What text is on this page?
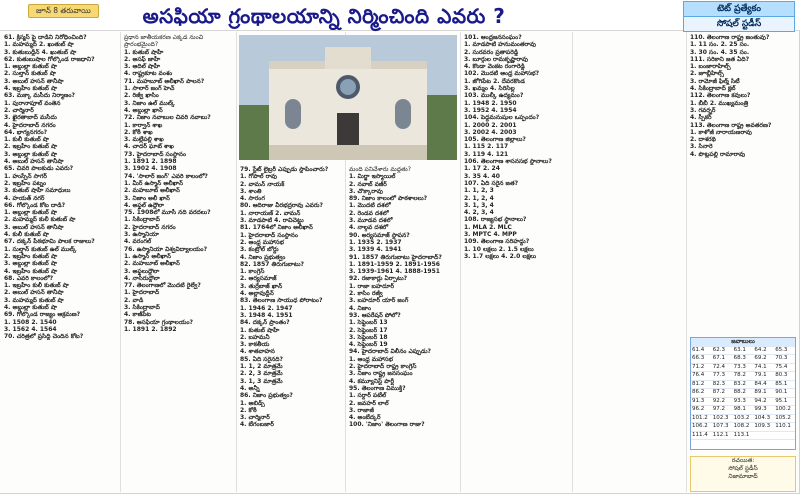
జూన్ 8 తరువాయి	అసఫియా గ్రంథాలయాన్ని నిర్మించింది ఎవరు ?	టెట్ ప్రత్యేకం
సోషల్ స్టడీస్
61. క్రిస్మస్ పై దాడిని నిరోధించింది?
1. మహమ్మద్ 2. ఖుతుబ్ షా
3. కుతుబుద్దీన్ 4. ఖుతుబ్ షా
62. కుతుబుషాల గోల్కొండ రాజధాని?
1. అబ్దుల్లా కుతుబ్ షా
2. సుల్తాన్ కుతుబ్ షా
3. అబుల్ హసన్ తానీషా
4. ఇబ్రహీం కుతుబ్ షా
63. మక్కా మసీదు నిర్మాణం?
1. పురానాపూల్ వంతెన
2. చార్మినార్
3. ఖైరతాబాద్ మసీదు
4. హైదరాబాద్ నగరం
64. భాగ్యనగరం?
1. కులీ కుతుబ్ షా
2. ఇబ్రహీం కుతుబ్ షా
3. అబ్దుల్లా కుతుబ్ షా
4. అబుల్ హసన్ తానీషా
65. చివరి పాలకుడు ఎవరు?
1. హుస్సేన్ సాగర్
2. ఇబ్రహీం పట్నం
3. కుతుబ్ షాహీ సమాధులు
4. హయత్ నగర్
66. గోల్కొండ కోట దాడి?
1. అబ్దుల్లా కుతుబ్ షా
2. మహమ్మద్ కులీ కుతుబ్ షా
3. అబుల్ హసన్ తానీషా
4. కులీ కుతుబ్ షా
67. దక్కన్ పీఠభూమి పాలక రాజులు?
1. సుల్తాన్ కుతుబ్ ఉల్ ముల్క్
2. ఇబ్రహీం కుతుబ్ షా
3. అబ్దుల్లా కుతుబ్ షా
4. ఇబ్రహీం కుతుబ్ షా
68. ఎవరి కాలంలో?
1. ఇబ్రహీం కులీ కుతుబ్ షా
2. అబుల్ హసన్ తానీషా
3. మహమ్మద్ కుతుబ్ షా
4. అబ్దుల్లా కుతుబ్ షా
69. గోల్కొండ రాజ్యం ఆక్రమణ?
1. 1508 2. 1540
3. 1562 4. 1564
70. చరిత్రలో ప్రసిద్ధి చెందిన కోట?
ప్రధాన జాతీయకరణ ఎక్కడ నుంచి
ప్రారంభమైంది?
1. కుతుబ్ షాహీ
2. అసఫ్ జాహీ
3. ఆదిల్ షాహీ
4. రాష్ట్రకూట వంశం
71. మహబూబ్ అలీఖాన్ పాలన?
1. సాలార్ జంగ్ హెచ్
2. రిజ్వీ ఖాసిం
3. నిజాం ఉల్ ముల్క్
4. అబ్దుల్లా ఖాన్
72. నిజాం నవాబుల చివరి నవాబు?
1. కార్వాన్ శాఖ
2. కోఠీ శాఖ
3. మల్లేపల్లి శాఖ
4. చాదర్ ఘాట్ శాఖ
73. హైదరాబాద్ సంస్థానం
1. 1891 2. 1898
3. 1902 4. 1908
74. 'సాలార్ జంగ్' ఎవరి కాలంలో?
1. మీర్ ఉస్మాన్ అలీఖాన్
2. మహబూబ్ అలీఖాన్
3. నిజాం అలీ ఖాన్
4. అఫ్జల్ ఉద్దౌలా
75. 1908లో మూసీ నది వరదలు?
1. సికింద్రాబాద్
2. హైదరాబాద్ నగరం
3. ఉస్మానియా
4. వరంగల్
76. ఉస్మానియా విశ్వవిద్యాలయం?
1. ఉస్మాన్ అలీఖాన్
2. మహబూబ్ అలీఖాన్
3. అఫ్జలుద్దౌలా
4. నాసిరుద్దౌలా
77. తెలంగాణలో మొదటి రైల్వే?
1. హైదరాబాద్
2. వాడి
3. సికింద్రాబాద్
4. కాజీపేట
78. అసఫియా గ్రంథాలయం?
1. 1891 2. 1892
79. స్టేట్ లైబ్రరీ ఎప్పుడు స్థాపించారు?
1. గోపాల్ రావు
2. వామన్ నాయక్
3. శాంతి
4. సారంగ
80. ఆదిరాజు వీరభద్రరావు ఎవరు?
1. నారాయణ్ 2. వామన్
3. మాడపాటి 4. రావిచెట్టు
81. 1764లో నిజాం అలీఖాన్
1. హైదరాబాద్ సంస్థానం
2. ఆంధ్ర మహాసభ
3. కంట్రోల్ బోర్డు
4. నిజాం ప్రభుత్వం
82. 1857 తిరుగుబాటు?
1. కాంగ్రెస్
2. ఆర్యసమాజ్
3. తుర్రేబాజ్ ఖాన్
4. అల్లావుద్దీన్
83. తెలంగాణ సాయుధ పోరాటం?
1. 1946 2. 1947
3. 1948 4. 1951
84. దక్కన్ ప్రాంతం?
1. కుతుబ్ షాహీ
2. బహమనీ
3. కాకతీయ
4. శాతవాహన
85. ఏది సరైనది?
1. 1, 2 మాత్రమే
2. 2, 3 మాత్రమే
3. 1, 3 మాత్రమే
4. అన్నీ
86. నిజాం ప్రభుత్వం?
1. అబిడ్స్
2. కోఠీ
3. చార్మినార్
4. బేగంబజార్
మంది పనిచేశారు మద్దతు?
1. మిర్జా ఇస్మాయిల్
2. నవాబ్ వజీర్
3. చొక్కారావు
89. నిజాం కాలంలో పాఠశాలలు?
1. మొదటి దశలో
2. రెండవ దశలో
3. మూడవ దశలో
4. నాల్గవ దశలో
90. అర్యసమాజ్ స్థాపన?
1. 1935 2. 1937
3. 1939 4. 1941
91. 1857 తిరుగుబాటు హైదరాబాద్?
1. 1891-1959 2. 1891-1956
3. 1939-1961 4. 1888-1951
92. రజాకార్లు ఏర్పాటు?
1. రాజా బహదూర్
2. కాసిం రజ్వీ
3. బహదూర్ యార్ జంగ్
4. నిజాం
93. ఆపరేషన్ పోలో?
1. సెప్టెంబర్ 13
2. సెప్టెంబర్ 17
3. సెప్టెంబర్ 18
4. సెప్టెంబర్ 19
94. హైదరాబాద్ విలీనం ఎప్పుడు?
1. ఆంధ్ర మహాసభ
2. హైదరాబాద్ రాష్ట్ర కాంగ్రెస్
3. నిజాం రాష్ట్ర జనసంఘం
4. కమ్యూనిస్ట్ పార్టీ
95. తెలంగాణ విముక్తి?
1. సర్దార్ పటేల్
2. జవహర్ లాల్
3. రాజాజీ
4. అంబేద్కర్
100. 'నిజాం' తెలంగాణ రాజు?
101. ఆంధ్రజనసంఘం?
1. మాడపాటి హనుమంతరావు
2. సురవరం ప్రతాపరెడ్డి
3. బూర్గుల రామకృష్ణారావు
4. కొండా వెంకట రంగారెడ్డి
102. మొదటి ఆంధ్ర మహాసభ?
1. జోగిపేట 2. దేవరకొండ
3. ఖమ్మం 4. సిరిసిల్ల
103. ముల్కీ ఉద్యమం?
1. 1948 2. 1950
3. 1952 4. 1954
104. పెద్దమనుషుల ఒప్పందం?
1. 2000 2. 2001
3. 2002 4. 2003
105. తెలంగాణ జిల్లాలు?
1. 115 2. 117
3. 119 4. 121
106. తెలంగాణ శాసనసభ స్థానాలు?
1. 17 2. 24
3. 35 4. 40
107. ఏది సరైన జత?
1. 1, 2, 3
2. 1, 2, 4
3. 1, 3, 4
4. 2, 3, 4
108. రాజ్యసభ స్థానాలు?
1. MLA 2. MLC
3. MPTC 4. MPP
109. తెలంగాణ సరిహద్దు?
1. 10 లక్షలు 2. 1.5 లక్షలు
3. 1.7 లక్షలు 4. 2.0 లక్షలు
110. తెలంగాణ రాష్ట్ర జంతువు?
1. 11 సం. 2. 25 సం.
3. 30 సం. 4. 35 సం.
111. సరికాని జత ఏది?
1. బంజారాహిల్స్
2. జూబ్లీహిల్స్
3. రామోజీ ఫిల్మ్ సిటీ
4. సికింద్రాబాద్ క్లబ్
112. తెలంగాణ కవులు?
1. బీబీ 2. ముఖ్యమంత్రి
3. గవర్నర్
4. స్పీకర్
113. తెలంగాణ రాష్ట్ర అవతరణ?
1. కాళోజీ నారాయణరావు
2. దాశరథి
3. సినారె
4. పొట్లపల్లి రామారావు
జవాబులు
61.4	62.3	63.1	64.2	65.3
66.3	67.1	68.3	69.2	70.3
71.2	72.4	73.3	74.1	75.4
76.4	77.3	78.2	79.1	80.3
81.2	82.3	83.2	84.4	85.1
86.2	87.2	88.2	89.1	90.1
91.3	92.2	93.3	94.2	95.1
96.2	97.2	98.1	99.3	100.2
101.2	102.3	103.2	104.3	105.2
106.2	107.3	108.2	109.3	110.1
111.4	112.1	113.1		
రచయిత:
సోషల్ స్టడీస్
నిజామాబాద్
